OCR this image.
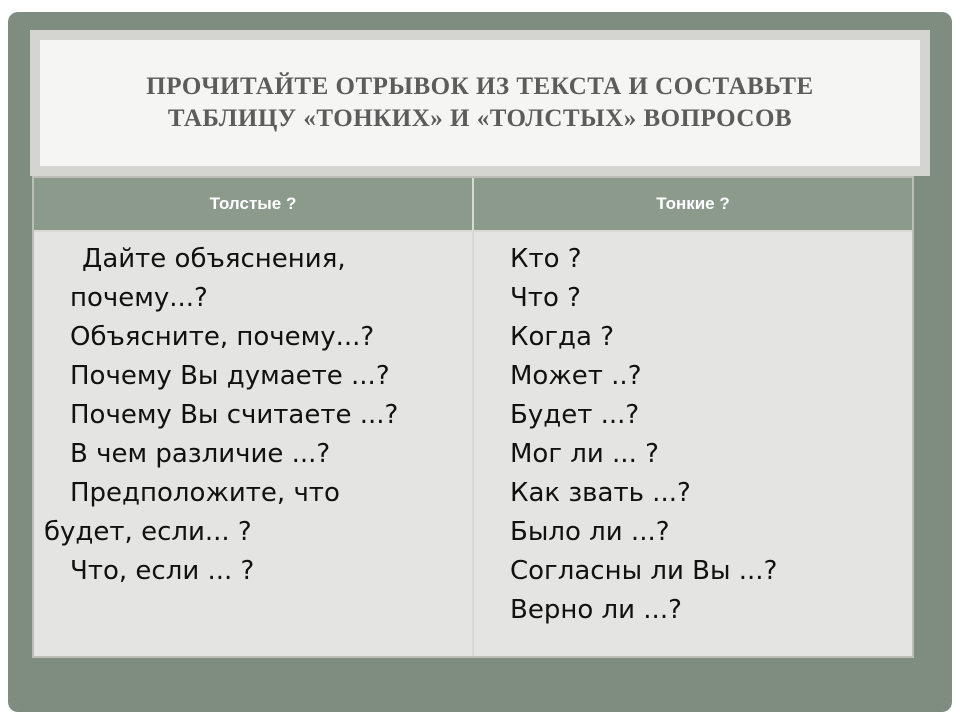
ПРОЧИТАЙТЕ ОТРЫВОК ИЗ ТЕКСТА И СОСТАВЬТЕ
ТАБЛИЦУ «ТОНКИХ» И «ТОЛСТЫХ» ВОПРОСОВ
Толстые ?	Тонкие ?
Дайте объяснения,
почему...?
Объясните, почему...?
Почему Вы думаете ...?
Почему Вы считаете ...?
В чем различие ...?
Предположите, что
будет, если... ?
Что, если ... ?
Кто ?
Что ?
Когда ?
Может ..?
Будет ...?
Мог ли ... ?
Как звать ...?
Было ли ...?
Согласны ли Вы ...?
Верно ли ...?
